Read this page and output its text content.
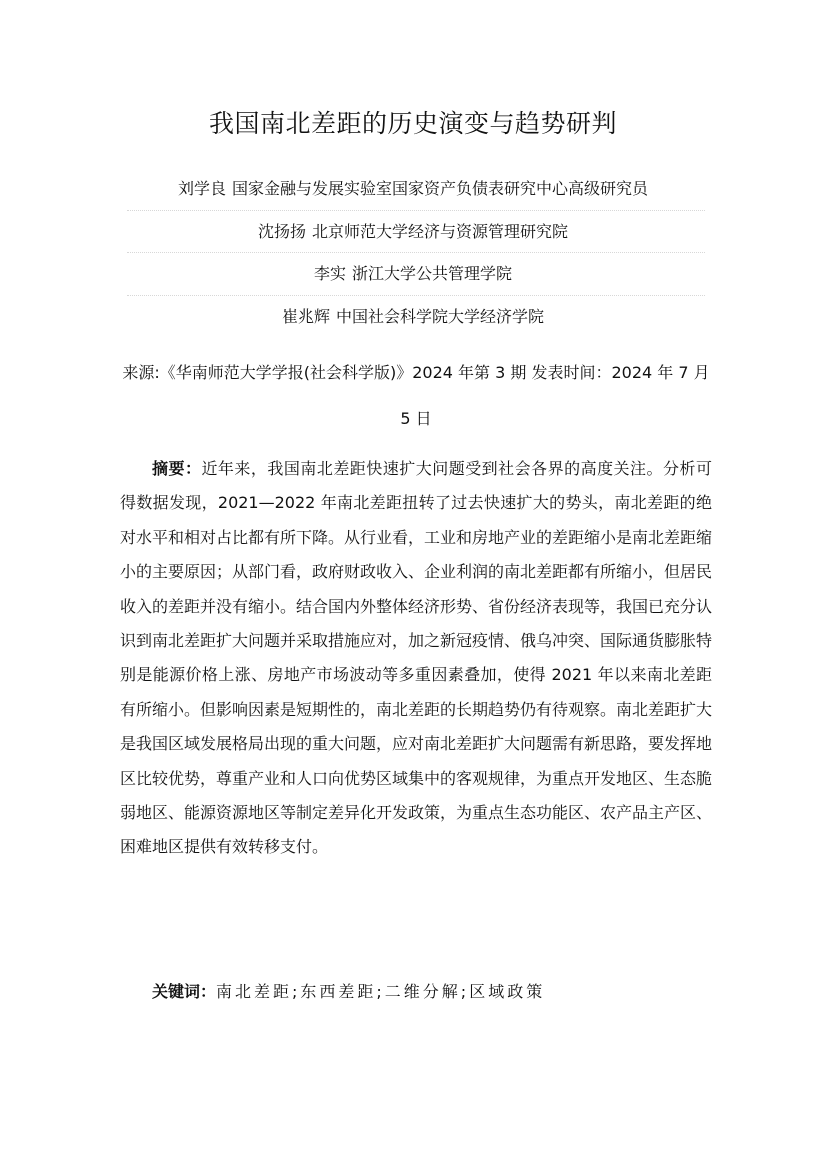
我国南北差距的历史演变与趋势研判
刘学良 国家金融与发展实验室国家资产负债表研究中心高级研究员
沈扬扬 北京师范大学经济与资源管理研究院
李实 浙江大学公共管理学院
崔兆辉 中国社会科学院大学经济学院
来源:《华南师范大学学报(社会科学版)》2024 年第 3 期 发表时间：2024 年 7 月 5 日

摘要：近年来，我国南北差距快速扩大问题受到社会各界的高度关注。分析可得数据发现，2021—2022 年南北差距扭转了过去快速扩大的势头，南北差距的绝对水平和相对占比都有所下降。从行业看，工业和房地产业的差距缩小是南北差距缩小的主要原因；从部门看，政府财政收入、企业利润的南北差距都有所缩小，但居民收入的差距并没有缩小。结合国内外整体经济形势、省份经济表现等，我国已充分认识到南北差距扩大问题并采取措施应对，加之新冠疫情、俄乌冲突、国际通货膨胀特别是能源价格上涨、房地产市场波动等多重因素叠加，使得 2021 年以来南北差距有所缩小。但影响因素是短期性的，南北差距的长期趋势仍有待观察。南北差距扩大是我国区域发展格局出现的重大问题，应对南北差距扩大问题需有新思路，要发挥地区比较优势，尊重产业和人口向优势区域集中的客观规律，为重点开发地区、生态脆弱地区、能源资源地区等制定差异化开发政策，为重点生态功能区、农产品主产区、困难地区提供有效转移支付。

关键词：南北差距;东西差距;二维分解;区域政策
